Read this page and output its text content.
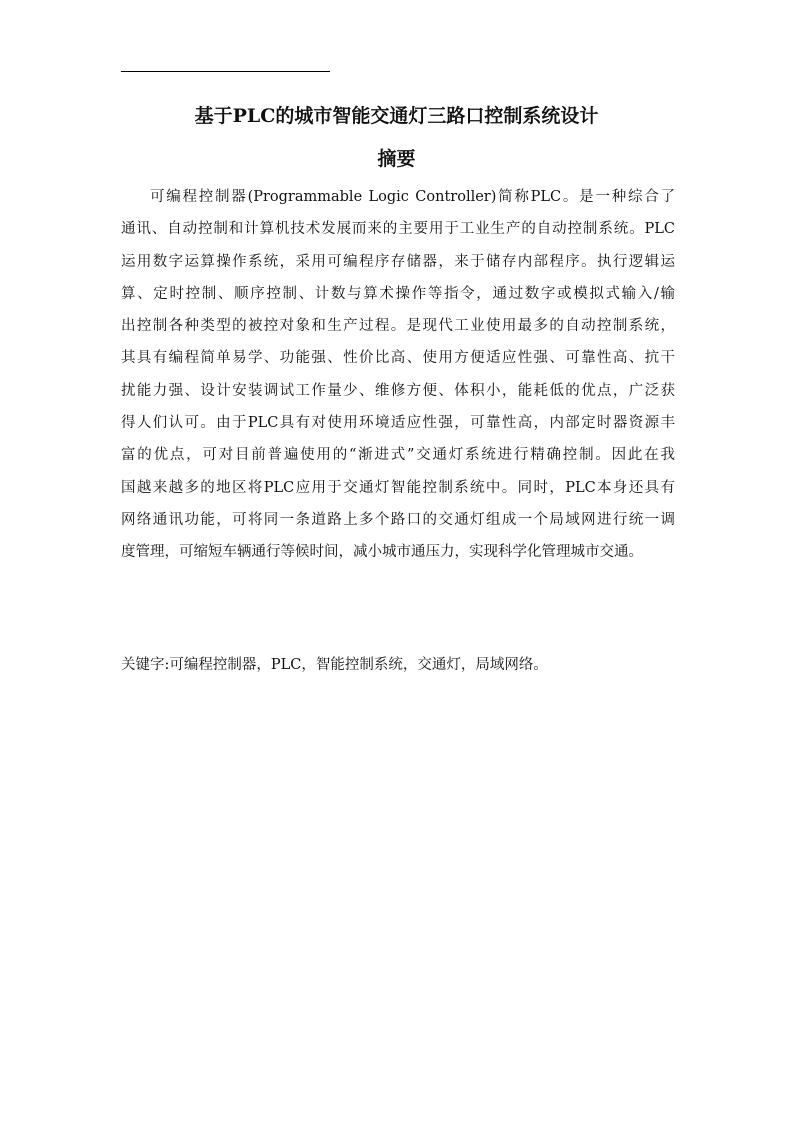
基于PLC的城市智能交通灯三路口控制系统设计
摘要

可编程控制器(Programmable Logic Controller)简称PLC。是一种综合了
通讯、自动控制和计算机技术发展而来的主要用于工业生产的自动控制系统。PLC
运用数字运算操作系统，采用可编程序存储器，来于储存内部程序。执行逻辑运
算、定时控制、顺序控制、计数与算术操作等指令，通过数字或模拟式输入/输
出控制各种类型的被控对象和生产过程。是现代工业使用最多的自动控制系统，
其具有编程简单易学、功能强、性价比高、使用方便适应性强、可靠性高、抗干
扰能力强、设计安装调试工作量少、维修方便、体积小，能耗低的优点，广泛获
得人们认可。由于PLC具有对使用环境适应性强，可靠性高，内部定时器资源丰
富的优点，可对目前普遍使用的“渐进式”交通灯系统进行精确控制。因此在我
国越来越多的地区将PLC应用于交通灯智能控制系统中。同时，PLC本身还具有
网络通讯功能，可将同一条道路上多个路口的交通灯组成一个局域网进行统一调
度管理，可缩短车辆通行等候时间，减小城市通压力，实现科学化管理城市交通。

关键字:可编程控制器，PLC，智能控制系统，交通灯，局域网络。
